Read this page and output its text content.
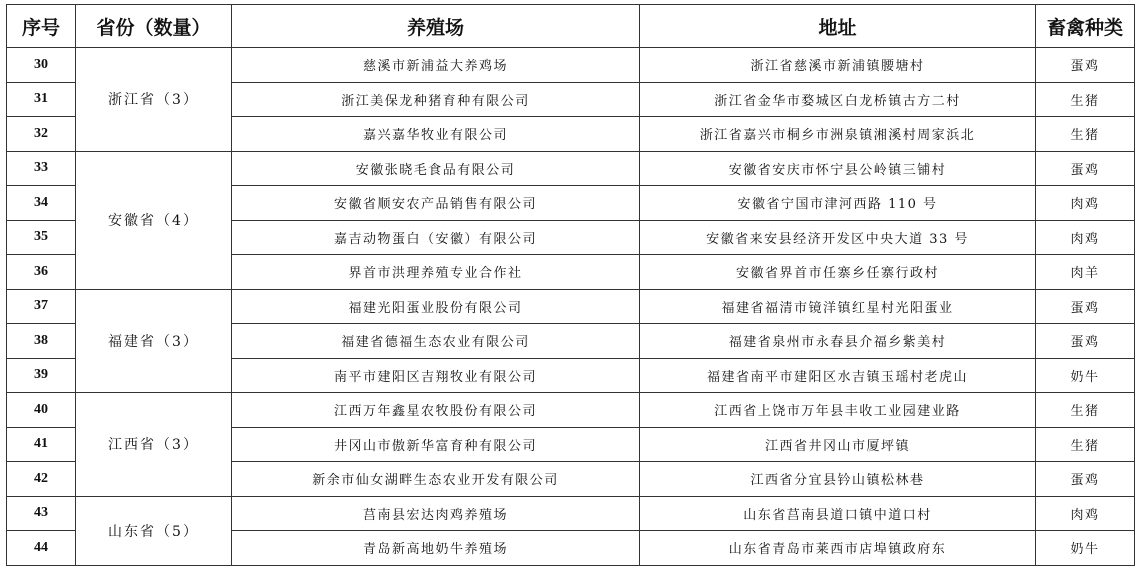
序号	省份（数量）	养殖场	地址	畜禽种类
30	浙江省（3）	慈溪市新浦益大养鸡场	浙江省慈溪市新浦镇腰塘村	蛋鸡
31		浙江美保龙种猪育种有限公司	浙江省金华市婺城区白龙桥镇古方二村	生猪
32		嘉兴嘉华牧业有限公司	浙江省嘉兴市桐乡市洲泉镇湘溪村周家浜北	生猪
33	安徽省（4）	安徽张晓毛食品有限公司	安徽省安庆市怀宁县公岭镇三铺村	蛋鸡
34		安徽省顺安农产品销售有限公司	安徽省宁国市津河西路 110 号	肉鸡
35		嘉吉动物蛋白（安徽）有限公司	安徽省来安县经济开发区中央大道 33 号	肉鸡
36		界首市洪理养殖专业合作社	安徽省界首市任寨乡任寨行政村	肉羊
37	福建省（3）	福建光阳蛋业股份有限公司	福建省福清市镜洋镇红星村光阳蛋业	蛋鸡
38		福建省德福生态农业有限公司	福建省泉州市永春县介福乡紫美村	蛋鸡
39		南平市建阳区吉翔牧业有限公司	福建省南平市建阳区水吉镇玉瑶村老虎山	奶牛
40	江西省（3）	江西万年鑫星农牧股份有限公司	江西省上饶市万年县丰收工业园建业路	生猪
41		井冈山市傲新华富育种有限公司	江西省井冈山市厦坪镇	生猪
42		新余市仙女湖畔生态农业开发有限公司	江西省分宜县钤山镇松林巷	蛋鸡
43	山东省（5）	莒南县宏达肉鸡养殖场	山东省莒南县道口镇中道口村	肉鸡
44		青岛新高地奶牛养殖场	山东省青岛市莱西市店埠镇政府东	奶牛
